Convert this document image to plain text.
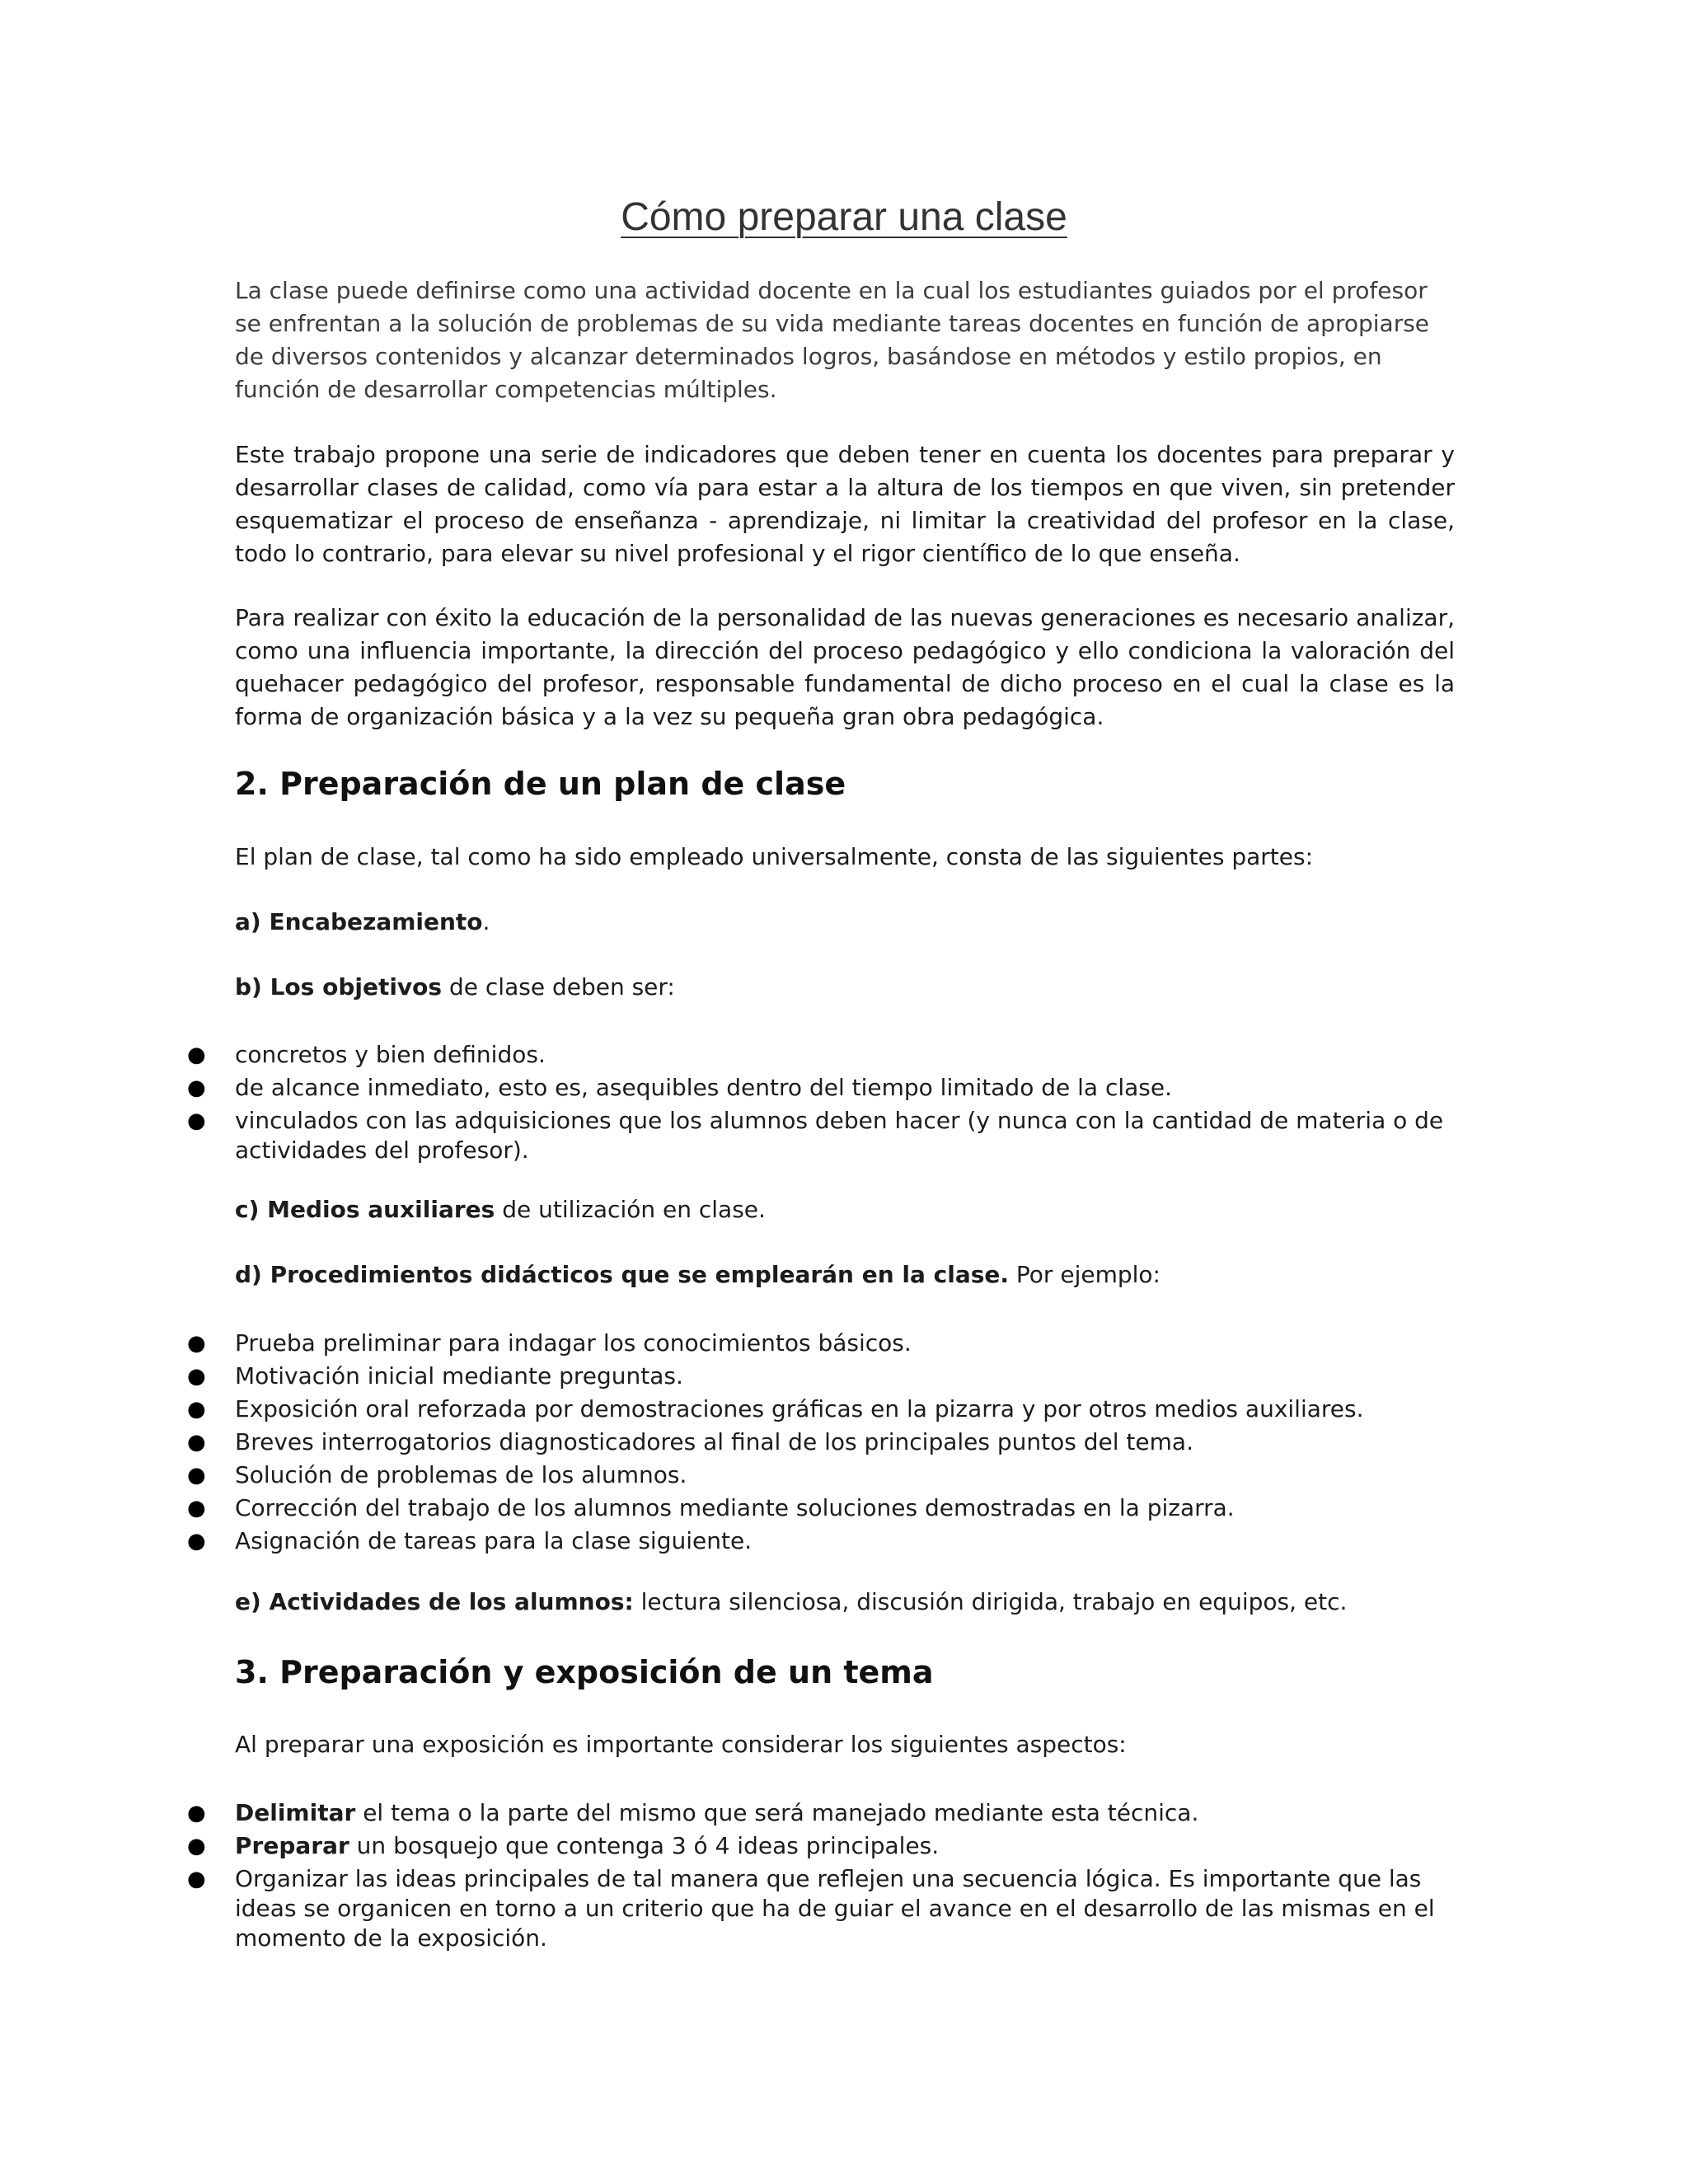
Cómo preparar una clase

La clase puede definirse como una actividad docente en la cual los estudiantes guiados por el profesor se enfrentan a la solución de problemas de su vida mediante tareas docentes en función de apropiarse de diversos contenidos y alcanzar determinados logros, basándose en métodos y estilo propios, en función de desarrollar competencias múltiples.

Este trabajo propone una serie de indicadores que deben tener en cuenta los docentes para preparar y desarrollar clases de calidad, como vía para estar a la altura de los tiempos en que viven, sin pretender esquematizar el proceso de enseñanza - aprendizaje, ni limitar la creatividad del profesor en la clase, todo lo contrario, para elevar su nivel profesional y el rigor científico de lo que enseña.

Para realizar con éxito la educación de la personalidad de las nuevas generaciones es necesario analizar, como una influencia importante, la dirección del proceso pedagógico y ello condiciona la valoración del quehacer pedagógico del profesor, responsable fundamental de dicho proceso en el cual la clase es la forma de organización básica y a la vez su pequeña gran obra pedagógica.

2. Preparación de un plan de clase

El plan de clase, tal como ha sido empleado universalmente, consta de las siguientes partes:

a) Encabezamiento.

b) Los objetivos de clase deben ser:

● concretos y bien definidos.
● de alcance inmediato, esto es, asequibles dentro del tiempo limitado de la clase.
● vinculados con las adquisiciones que los alumnos deben hacer (y nunca con la cantidad de materia o de actividades del profesor).

c) Medios auxiliares de utilización en clase.

d) Procedimientos didácticos que se emplearán en la clase. Por ejemplo:

● Prueba preliminar para indagar los conocimientos básicos.
● Motivación inicial mediante preguntas.
● Exposición oral reforzada por demostraciones gráficas en la pizarra y por otros medios auxiliares.
● Breves interrogatorios diagnosticadores al final de los principales puntos del tema.
● Solución de problemas de los alumnos.
● Corrección del trabajo de los alumnos mediante soluciones demostradas en la pizarra.
● Asignación de tareas para la clase siguiente.

e) Actividades de los alumnos: lectura silenciosa, discusión dirigida, trabajo en equipos, etc.

3. Preparación y exposición de un tema

Al preparar una exposición es importante considerar los siguientes aspectos:

● Delimitar el tema o la parte del mismo que será manejado mediante esta técnica.
● Preparar un bosquejo que contenga 3 ó 4 ideas principales.
● Organizar las ideas principales de tal manera que reflejen una secuencia lógica. Es importante que las ideas se organicen en torno a un criterio que ha de guiar el avance en el desarrollo de las mismas en el momento de la exposición.
